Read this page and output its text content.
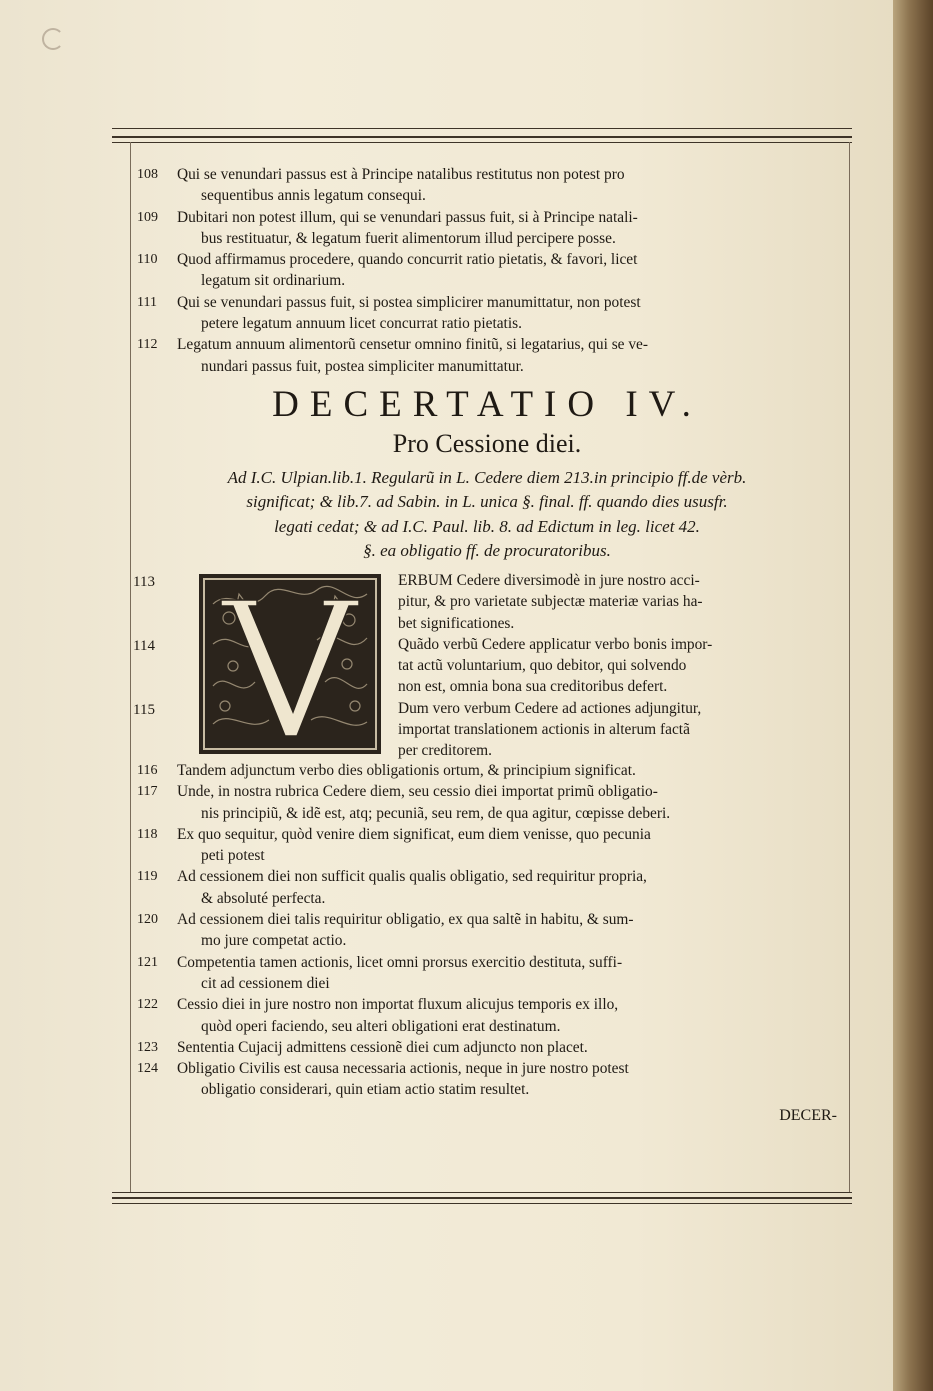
108	Qui se venundari passus est à Principe natalibus restitutus non potest pro
sequentibus annis legatum consequi.
109	Dubitari non potest illum, qui se venundari passus fuit, si à Principe natali-
bus restituatur, & legatum fuerit alimentorum illud percipere posse.
110	Quod affirmamus procedere, quando concurrit ratio pietatis, & favori, licet
legatum sit ordinarium.
111	Qui se venundari passus fuit, si postea simplicirer manumittatur, non potest
petere legatum annuum licet concurrat ratio pietatis.
112	Legatum annuum alimentorũ censetur omnino finitũ, si legatarius, qui se ve-
nundari passus fuit, postea simpliciter manumittatur.
DECERTATIO IV.
Pro Cessione diei.

Ad I.C. Ulpian.lib.1. Regularũ in L. Cedere diem 213.in principio ff.de vèrb.

significat; & lib.7. ad Sabin. in L. unica §. final. ff. quando dies ususfr.

legati cedat; & ad I.C. Paul. lib. 8. ad Edictum in leg. licet 42.

§. ea obligatio ff. de procuratoribus.

113
114
115

ERBUM Cedere diversimodè in jure nostro acci-

pitur, & pro varietate subjectæ materiæ varias ha-

bet significationes.

Quãdo verbũ Cedere applicatur verbo bonis impor-

tat actũ voluntarium, quo debitor, qui solvendo

non est, omnia bona sua creditoribus defert.

Dum vero verbum Cedere ad actiones adjungitur,

importat translationem actionis in alterum factã

per creditorem.

116	Tandem adjunctum verbo dies obligationis ortum, & principium significat.
117	Unde, in nostra rubrica Cedere diem, seu cessio diei importat primũ obligatio-
nis principiũ, & idẽ est, atq; pecuniã, seu rem, de qua agitur, cœpisse deberi.
118	Ex quo sequitur, quòd venire diem significat, eum diem venisse, quo pecunia
peti potest
119	Ad cessionem diei non sufficit qualis qualis obligatio, sed requiritur propria,
& absoluté perfecta.
120	Ad cessionem diei talis requiritur obligatio, ex qua saltẽ in habitu, & sum-
mo jure competat actio.
121	Competentia tamen actionis, licet omni prorsus exercitio destituta, suffi-
cit ad cessionem diei
122	Cessio diei in jure nostro non importat fluxum alicujus temporis ex illo,
quòd operi faciendo, seu alteri obligationi erat destinatum.
123	Sententia Cujacij admittens cessionẽ diei cum adjuncto non placet.
124	Obligatio Civilis est causa necessaria actionis, neque in jure nostro potest
obligatio considerari, quin etiam actio statim resultet.
DECER-
